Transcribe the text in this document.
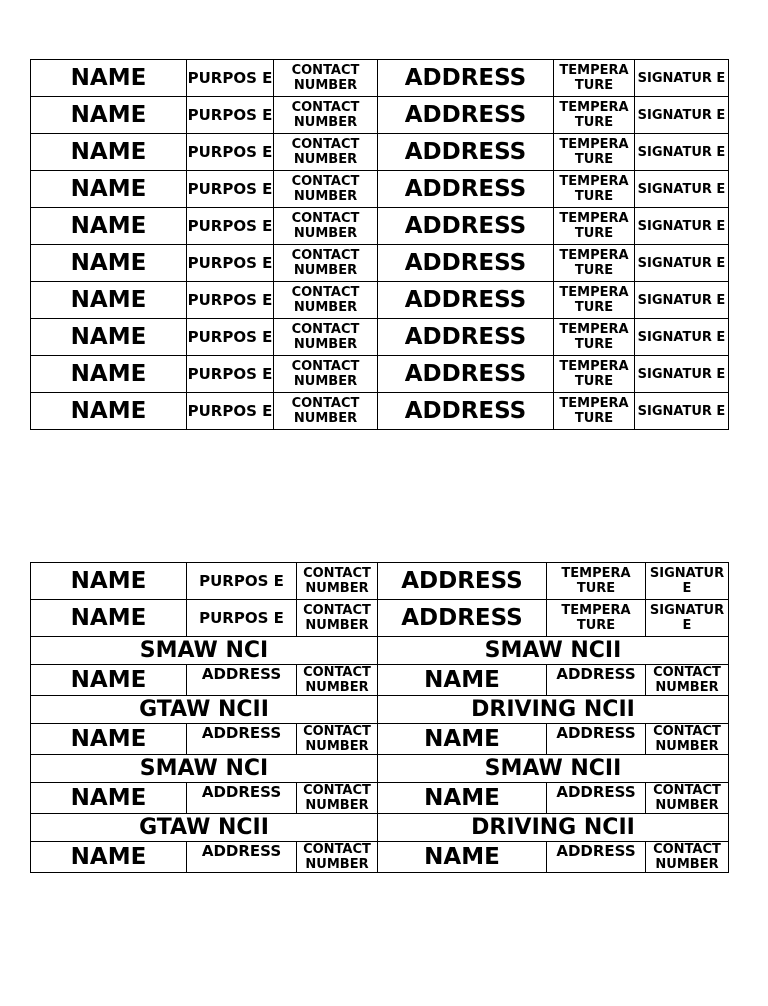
NAME	PURPOS E	CONTACT NUMBER	ADDRESS	TEMPERA TURE	SIGNATUR E
NAME	PURPOS E	CONTACT NUMBER	ADDRESS	TEMPERA TURE	SIGNATUR E
NAME	PURPOS E	CONTACT NUMBER	ADDRESS	TEMPERA TURE	SIGNATUR E
NAME	PURPOS E	CONTACT NUMBER	ADDRESS	TEMPERA TURE	SIGNATUR E
NAME	PURPOS E	CONTACT NUMBER	ADDRESS	TEMPERA TURE	SIGNATUR E
NAME	PURPOS E	CONTACT NUMBER	ADDRESS	TEMPERA TURE	SIGNATUR E
NAME	PURPOS E	CONTACT NUMBER	ADDRESS	TEMPERA TURE	SIGNATUR E
NAME	PURPOS E	CONTACT NUMBER	ADDRESS	TEMPERA TURE	SIGNATUR E
NAME	PURPOS E	CONTACT NUMBER	ADDRESS	TEMPERA TURE	SIGNATUR E
NAME	PURPOS E	CONTACT NUMBER	ADDRESS	TEMPERA TURE	SIGNATUR E
NAME	PURPOS E	CONTACT NUMBER	ADDRESS	TEMPERA TURE	SIGNATUR E
NAME	PURPOS E	CONTACT NUMBER	ADDRESS	TEMPERA TURE	SIGNATUR E
SMAW NCI			SMAW NCII		
NAME	ADDRESS	CONTACT NUMBER	NAME	ADDRESS	CONTACT NUMBER
GTAW NCII			DRIVING NCII		
NAME	ADDRESS	CONTACT NUMBER	NAME	ADDRESS	CONTACT NUMBER
SMAW NCI			SMAW NCII		
NAME	ADDRESS	CONTACT NUMBER	NAME	ADDRESS	CONTACT NUMBER
GTAW NCII			DRIVING NCII		
NAME	ADDRESS	CONTACT NUMBER	NAME	ADDRESS	CONTACT NUMBER
